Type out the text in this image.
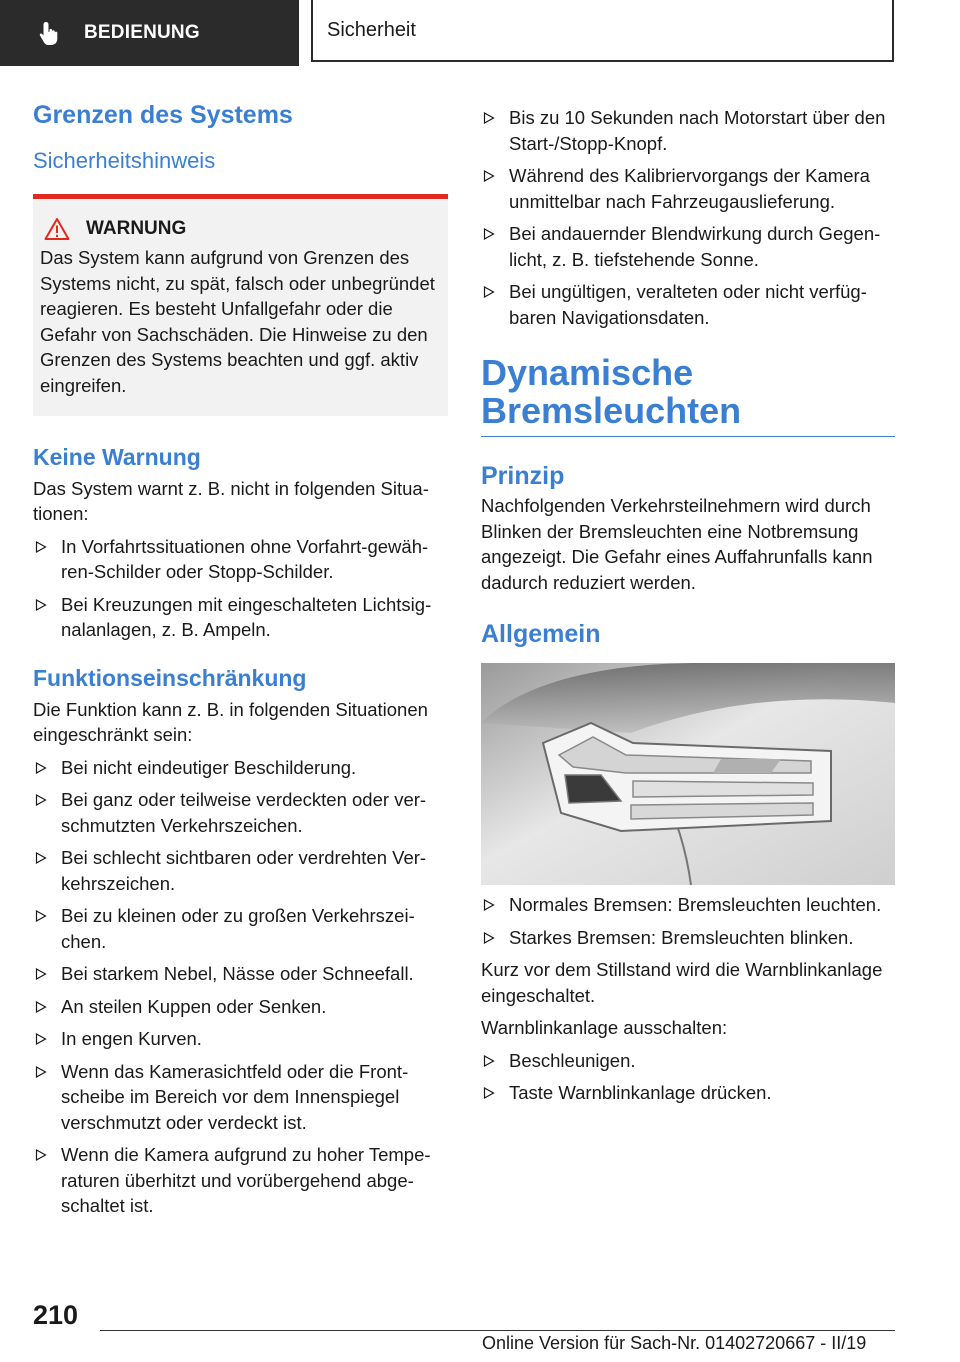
BEDIENUNG	Sicherheit
Grenzen des Systems
Sicherheitshinweis
WARNUNG

Das System kann aufgrund von Grenzen des Systems nicht, zu spät, falsch oder unbegründet reagieren. Es besteht Unfallgefahr oder die Gefahr von Sachschäden. Die Hinweise zu den Grenzen des Systems beachten und ggf. aktiv eingreifen.

Keine Warnung

Das System warnt z. B. nicht in folgenden Situationen:

In Vorfahrtssituationen ohne Vorfahrt-gewähren-Schilder oder Stopp-Schilder.
Bei Kreuzungen mit eingeschalteten Lichtsignalanlagen, z. B. Ampeln.
Funktionseinschränkung

Die Funktion kann z. B. in folgenden Situationen eingeschränkt sein:

Bei nicht eindeutiger Beschilderung.
Bei ganz oder teilweise verdeckten oder verschmutzten Verkehrszeichen.
Bei schlecht sichtbaren oder verdrehten Verkehrszeichen.
Bei zu kleinen oder zu großen Verkehrszeichen.
Bei starkem Nebel, Nässe oder Schneefall.
An steilen Kuppen oder Senken.
In engen Kurven.
Wenn das Kamerasichtfeld oder die Frontscheibe im Bereich vor dem Innenspiegel verschmutzt oder verdeckt ist.
Wenn die Kamera aufgrund zu hoher Temperaturen überhitzt und vorübergehend abgeschaltet ist.
Bis zu 10 Sekunden nach Motorstart über den Start-/Stopp-Knopf.
Während des Kalibriervorgangs der Kamera unmittelbar nach Fahrzeugauslieferung.
Bei andauernder Blendwirkung durch Gegenlicht, z. B. tiefstehende Sonne.
Bei ungültigen, veralteten oder nicht verfügbaren Navigationsdaten.
Dynamische
Bremsleuchten
Prinzip

Nachfolgenden Verkehrsteilnehmern wird durch Blinken der Bremsleuchten eine Notbremsung angezeigt. Die Gefahr eines Auffahrunfalls kann dadurch reduziert werden.

Allgemein
Normales Bremsen: Bremsleuchten leuchten.
Starkes Bremsen: Bremsleuchten blinken.

Kurz vor dem Stillstand wird die Warnblinkanlage eingeschaltet.

Warnblinkanlage ausschalten:

Beschleunigen.
Taste Warnblinkanlage drücken.
210
Online Version für Sach-Nr. 01402720667 - II/19
